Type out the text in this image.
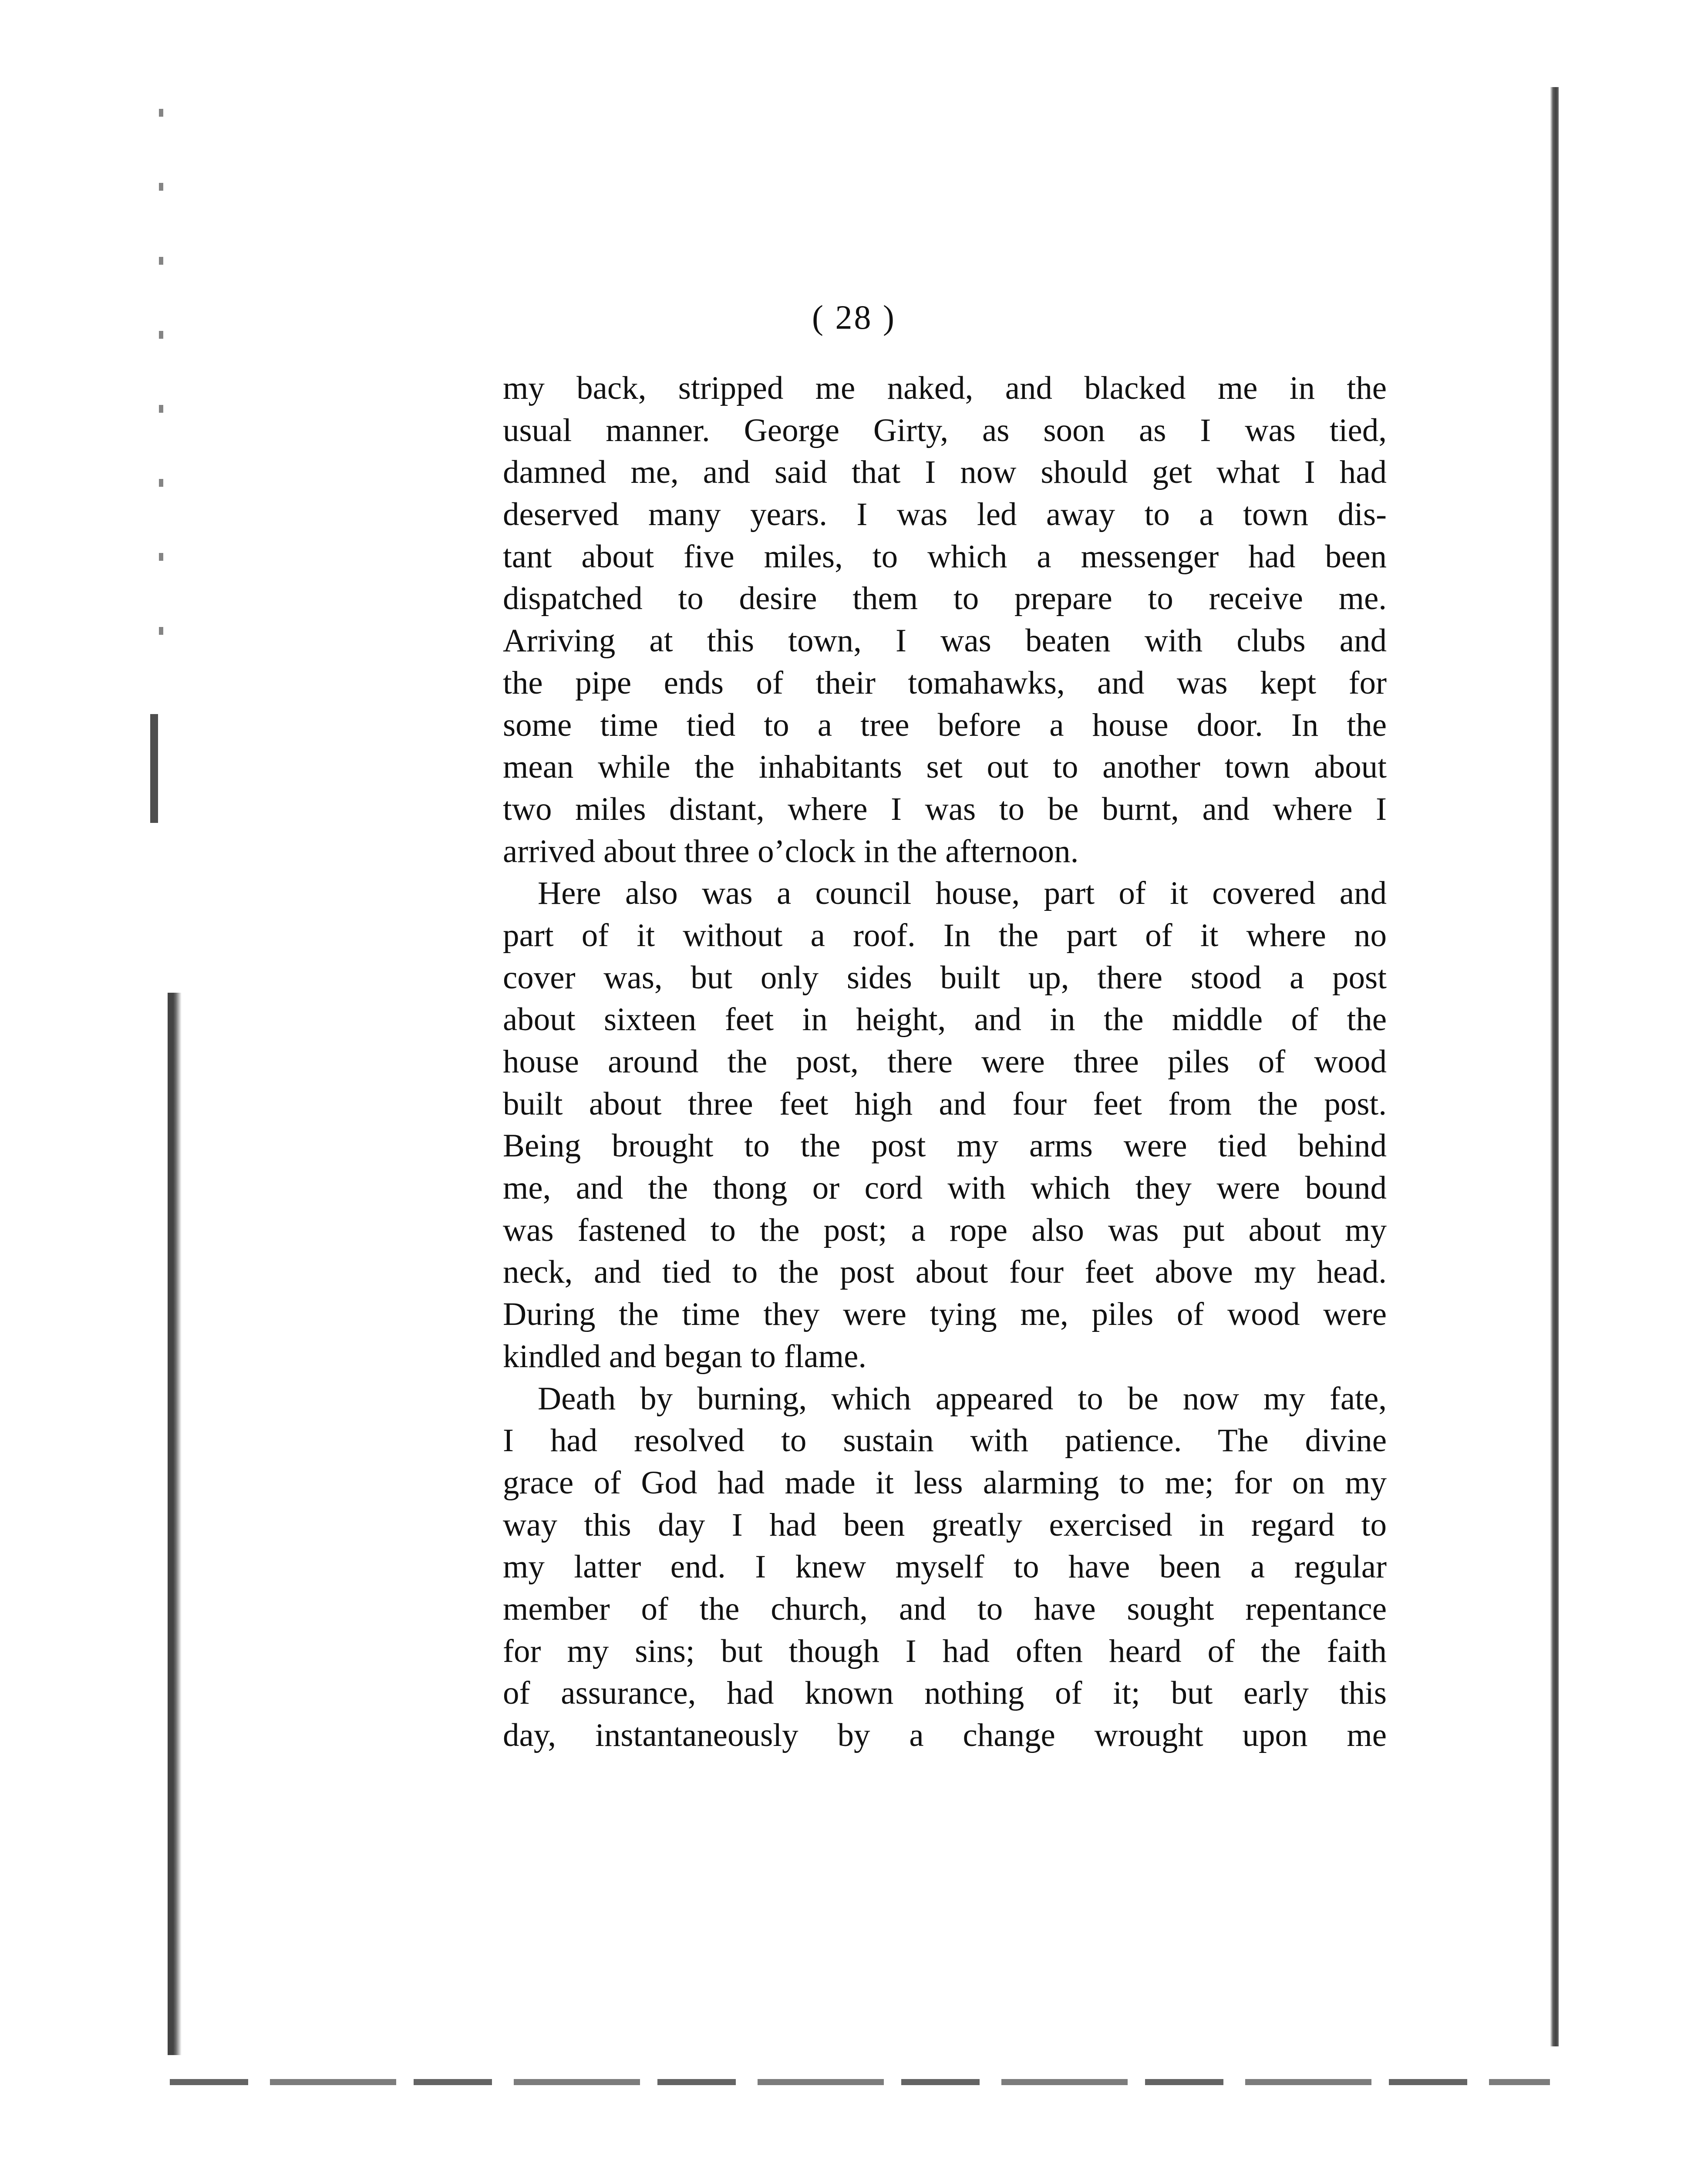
( 28 )
my back, stripped me naked, and blacked me in the
usual manner. George Girty, as soon as I was tied,
damned me, and said that I now should get what I had
deserved many years. I was led away to a town dis-
tant about five miles, to which a messenger had been
dispatched to desire them to prepare to receive me.
Arriving at this town, I was beaten with clubs and
the pipe ends of their tomahawks, and was kept for
some time tied to a tree before a house door. In the
mean while the inhabitants set out to another town about
two miles distant, where I was to be burnt, and where I
arrived about three o’clock in the afternoon.
Here also was a council house, part of it covered and
part of it without a roof. In the part of it where no
cover was, but only sides built up, there stood a post
about sixteen feet in height, and in the middle of the
house around the post, there were three piles of wood
built about three feet high and four feet from the post.
Being brought to the post my arms were tied behind
me, and the thong or cord with which they were bound
was fastened to the post; a rope also was put about my
neck, and tied to the post about four feet above my head.
During the time they were tying me, piles of wood were
kindled and began to flame.
Death by burning, which appeared to be now my fate,
I had resolved to sustain with patience. The divine
grace of God had made it less alarming to me; for on my
way this day I had been greatly exercised in regard to
my latter end. I knew myself to have been a regular
member of the church, and to have sought repentance
for my sins; but though I had often heard of the faith
of assurance, had known nothing of it; but early this
day, instantaneously by a change wrought upon me
